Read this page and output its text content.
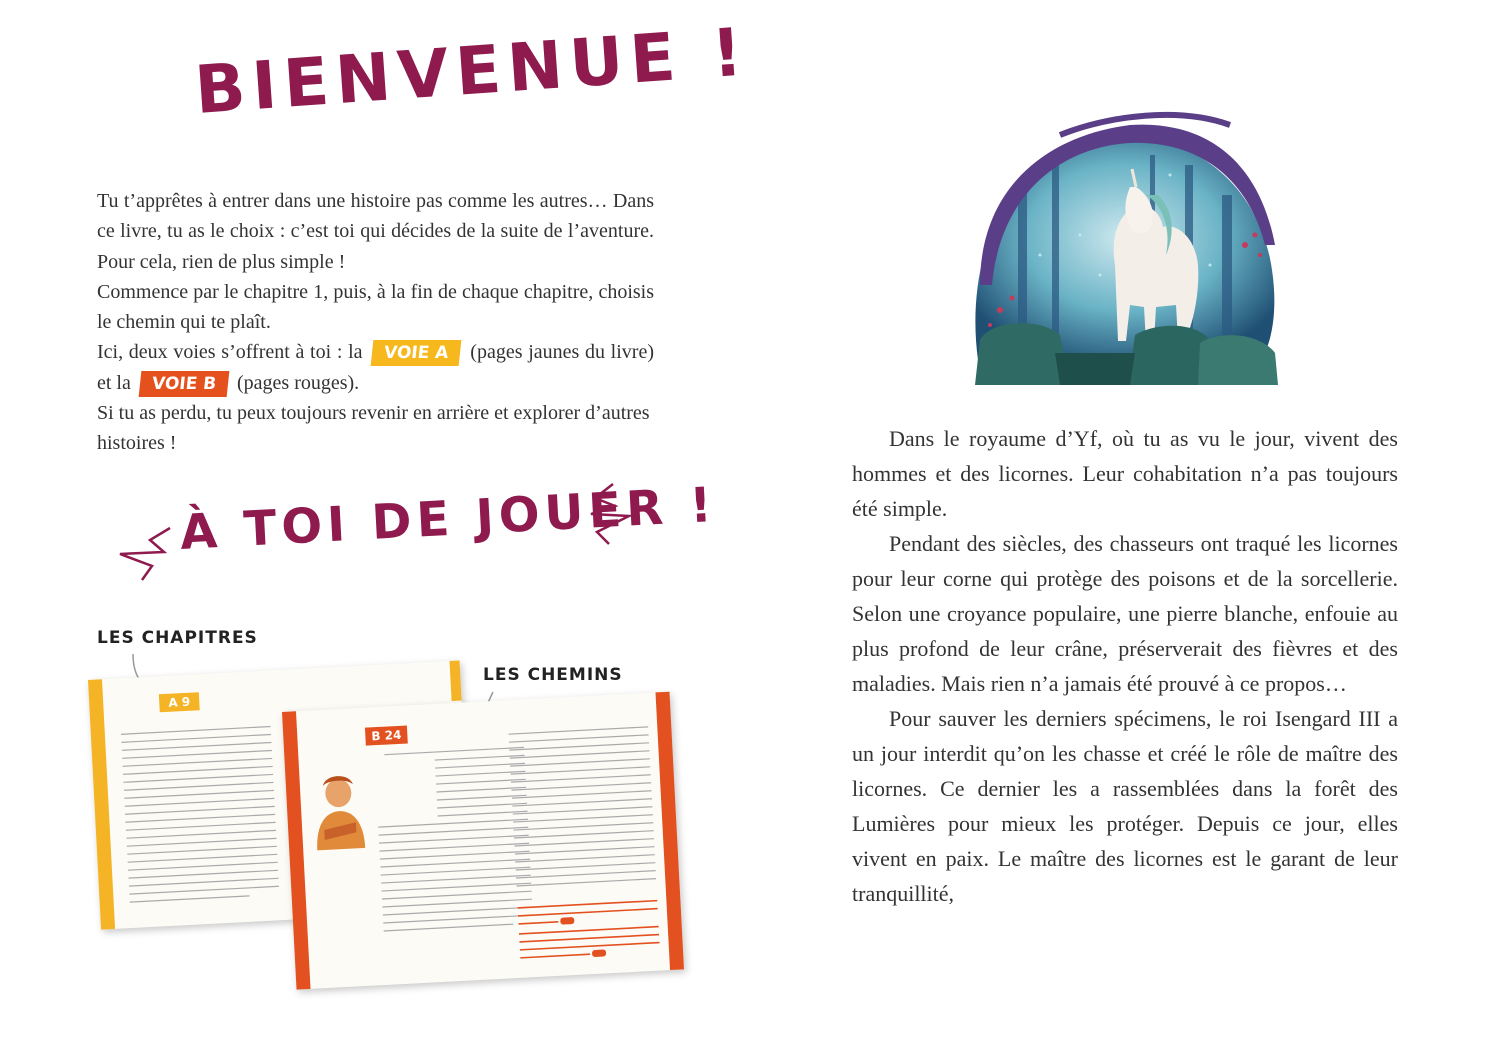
BIENVENUE !

Tu t’apprêtes à entrer dans une histoire pas comme les autres… Dans ce livre, tu as le choix : c’est toi qui décides de la suite de l’aventure. Pour cela, rien de plus simple !

Commence par le chapitre 1, puis, à la fin de chaque chapitre, choisis le chemin qui te plaît.

Ici, deux voies s’offrent à toi : la VOIE A (pages jaunes du livre) et la VOIE B (pages rouges).

Si tu as perdu, tu peux toujours revenir en arrière et explorer d’autres histoires !

À TOI DE JOUER !
LES CHAPITRES
LES CHEMINS
A 9
B 24

Dans le royaume d’Yf, où tu as vu le jour, vivent des hommes et des licornes. Leur cohabitation n’a pas toujours été simple.

Pendant des siècles, des chasseurs ont traqué les licornes pour leur corne qui protège des poisons et de la sorcellerie. Selon une croyance populaire, une pierre blanche, enfouie au plus profond de leur crâne, préserverait des fièvres et des maladies. Mais rien n’a jamais été prouvé à ce propos…

Pour sauver les derniers spécimens, le roi Isengard III a un jour interdit qu’on les chasse et créé le rôle de maître des licornes. Ce dernier les a rassemblées dans la forêt des Lumières pour mieux les protéger. Depuis ce jour, elles vivent en paix. Le maître des licornes est le garant de leur tranquillité,
